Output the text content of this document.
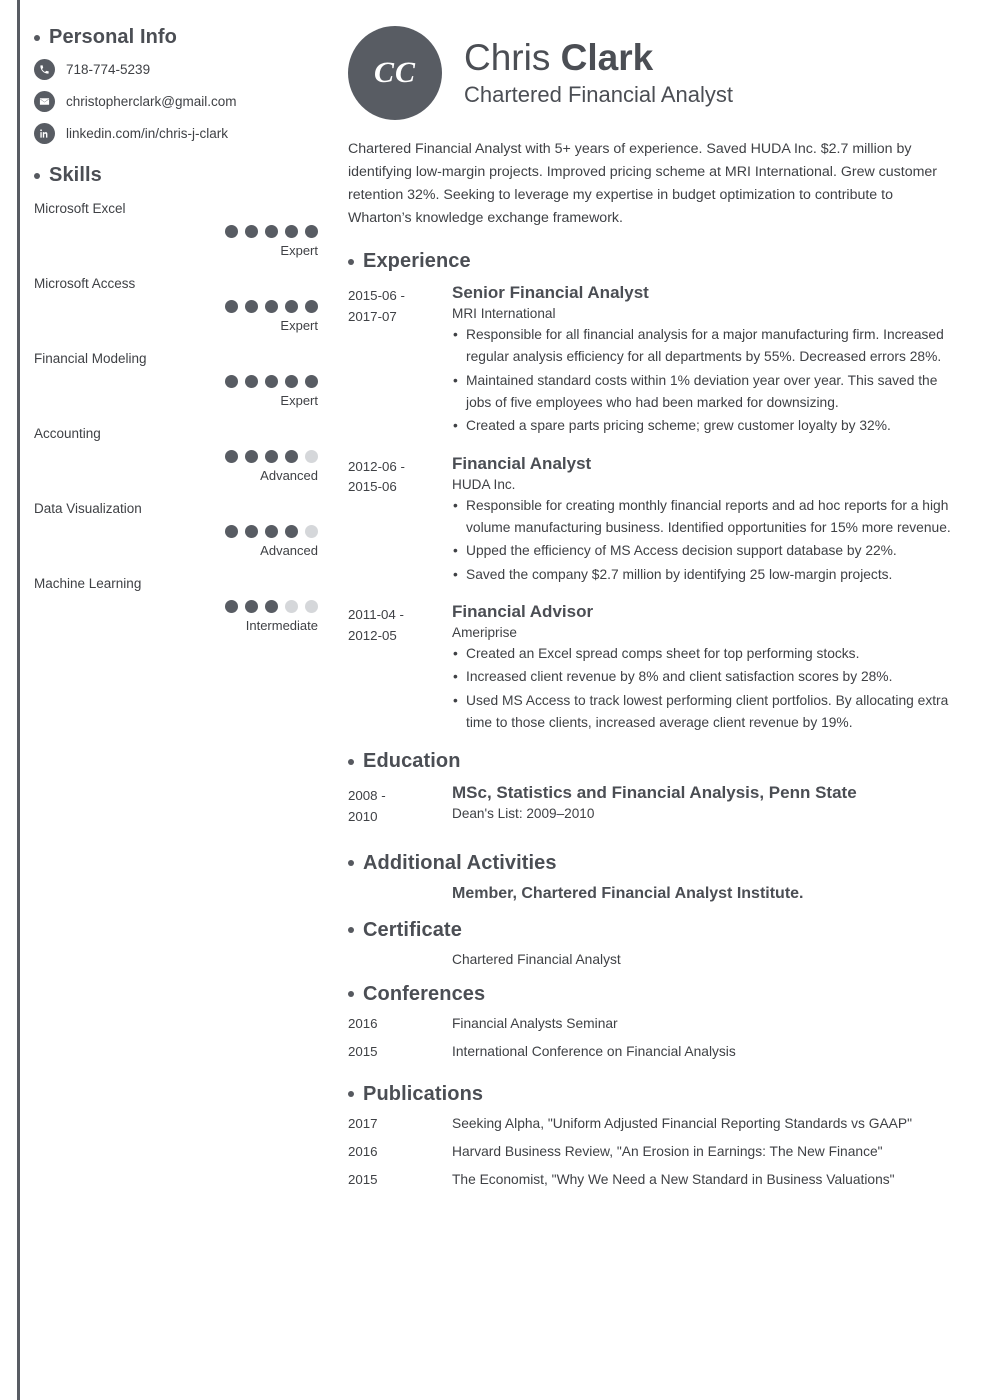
Personal Info
718-774-5239
christopherclark@gmail.com
linkedin.com/in/chris-j-clark
Skills
Microsoft Excel
Expert
Microsoft Access
Expert
Financial Modeling
Expert
Accounting
Advanced
Data Visualization
Advanced
Machine Learning
Intermediate
CC	Chris Clark
Chartered Financial Analyst
Chartered Financial Analyst with 5+ years of experience. Saved HUDA Inc. $2.7 million by identifying low-margin projects. Improved pricing scheme at MRI International. Grew customer retention 32%. Seeking to leverage my expertise in budget optimization to contribute to Wharton’s knowledge exchange framework.
Experience
2015-06 -
2017-07
Senior Financial Analyst
MRI International
• Responsible for all financial analysis for a major manufacturing firm. Increased regular analysis efficiency for all departments by 55%. Decreased errors 28%.
• Maintained standard costs within 1% deviation year over year. This saved the jobs of five employees who had been marked for downsizing.
• Created a spare parts pricing scheme; grew customer loyalty by 32%.
2012-06 -
2015-06
Financial Analyst
HUDA Inc.
• Responsible for creating monthly financial reports and ad hoc reports for a high volume manufacturing business. Identified opportunities for 15% more revenue.
• Upped the efficiency of MS Access decision support database by 22%.
• Saved the company $2.7 million by identifying 25 low-margin projects.
2011-04 -
2012-05
Financial Advisor
Ameriprise
• Created an Excel spread comps sheet for top performing stocks.
• Increased client revenue by 8% and client satisfaction scores by 28%.
• Used MS Access to track lowest performing client portfolios. By allocating extra time to those clients, increased average client revenue by 19%.
Education
2008 -
2010
MSc, Statistics and Financial Analysis, Penn State
Dean's List: 2009–2010
Additional Activities
Member, Chartered Financial Analyst Institute.
Certificate
Chartered Financial Analyst
Conferences
2016	Financial Analysts Seminar
2015	International Conference on Financial Analysis
Publications
2017	Seeking Alpha, "Uniform Adjusted Financial Reporting Standards vs GAAP"
2016	Harvard Business Review, "An Erosion in Earnings: The New Finance"
2015	The Economist, "Why We Need a New Standard in Business Valuations"
